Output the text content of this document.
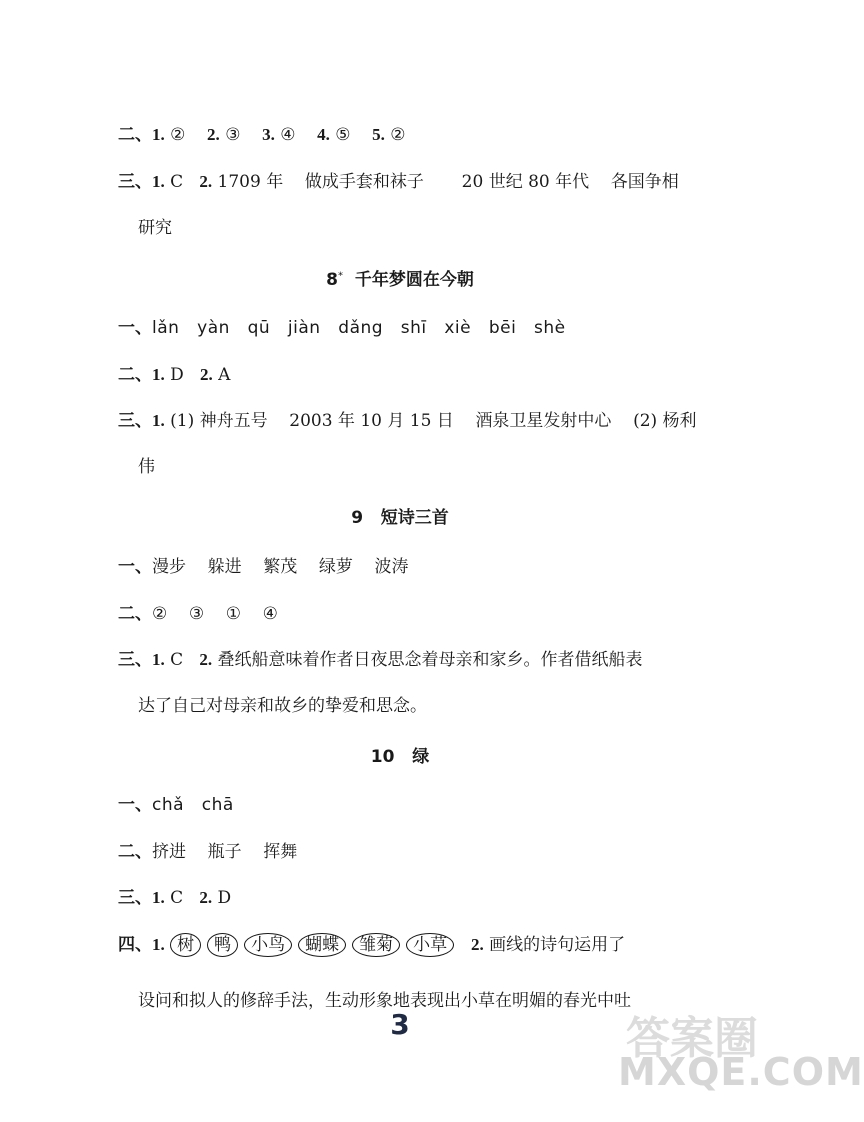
二、1. ② 2. ③ 3. ④ 4. ⑤ 5. ②
三、1. C 2. 1709 年 做成手套和袜子 20 世纪 80 年代 各国争相
研究
8* 千年梦圆在今朝
一、lǎn yàn qū jiàn dǎng shī xiè bēi shè
二、1. D 2. A
三、1. (1) 神舟五号 2003 年 10 月 15 日 酒泉卫星发射中心 (2) 杨利
伟
9 短诗三首
一、漫步 躲进 繁茂 绿萝 波涛
二、② ③ ① ④
三、1. C 2. 叠纸船意味着作者日夜思念着母亲和家乡。作者借纸船表
达了自己对母亲和故乡的挚爱和思念。
10 绿
一、chǎ chā
二、挤进 瓶子 挥舞
三、1. C 2. D
四、1. 树 鸭 小鸟 蝴蝶 雏菊 小草 2. 画线的诗句运用了
设问和拟人的修辞手法，生动形象地表现出小草在明媚的春光中吐
3	答案圈
MXQE.COM
